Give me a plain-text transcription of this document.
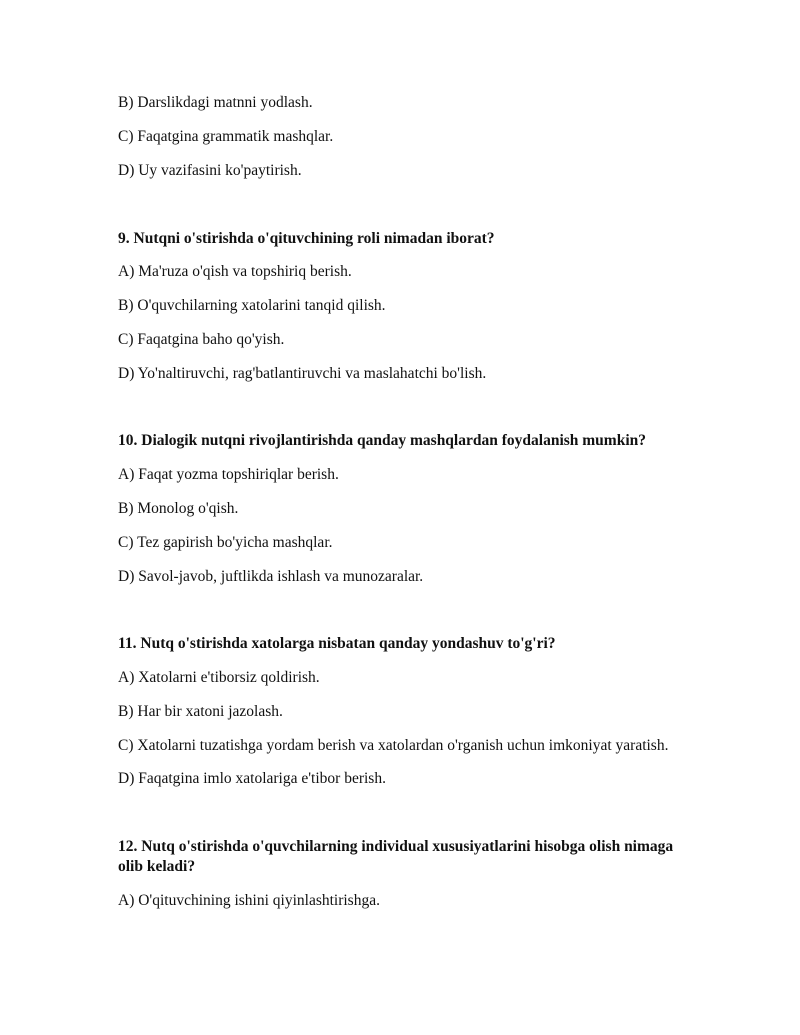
B) Darslikdagi matnni yodlash.
C) Faqatgina grammatik mashqlar.
D) Uy vazifasini ko'paytirish.
9. Nutqni o'stirishda o'qituvchining roli nimadan iborat?
A) Ma'ruza o'qish va topshiriq berish.
B) O'quvchilarning xatolarini tanqid qilish.
C) Faqatgina baho qo'yish.
D) Yo'naltiruvchi, rag'batlantiruvchi va maslahatchi bo'lish.
10. Dialogik nutqni rivojlantirishda qanday mashqlardan foydalanish mumkin?
A) Faqat yozma topshiriqlar berish.
B) Monolog o'qish.
C) Tez gapirish bo'yicha mashqlar.
D) Savol-javob, juftlikda ishlash va munozaralar.
11. Nutq o'stirishda xatolarga nisbatan qanday yondashuv to'g'ri?
A) Xatolarni e'tiborsiz qoldirish.
B) Har bir xatoni jazolash.
C) Xatolarni tuzatishga yordam berish va xatolardan o'rganish uchun imkoniyat yaratish.
D) Faqatgina imlo xatolariga e'tibor berish.
12. Nutq o'stirishda o'quvchilarning individual xususiyatlarini hisobga olish nimaga olib keladi?
A) O'qituvchining ishini qiyinlashtirishga.
